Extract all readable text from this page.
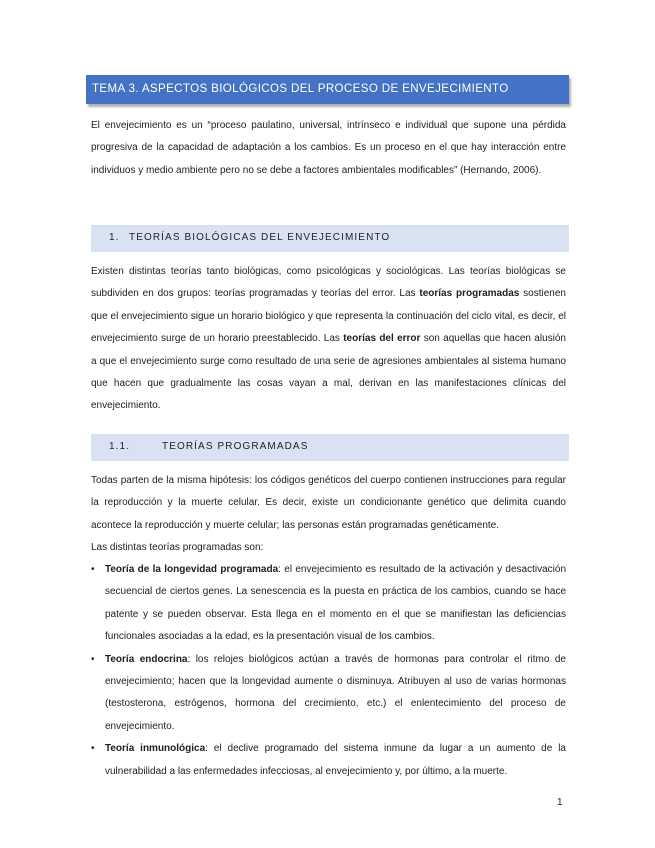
TEMA 3. ASPECTOS BIOLÓGICOS DEL PROCESO DE ENVEJECIMIENTO

El envejecimiento es un “proceso paulatino, universal, intrínseco e individual que supone una pérdida progresiva de la capacidad de adaptación a los cambios. Es un proceso en el que hay interacción entre individuos y medio ambiente pero no se debe a factores ambientales modificables” (Hernando, 2006).

1. TEORÍAS BIOLÓGICAS DEL ENVEJECIMIENTO

Existen distintas teorías tanto biológicas, como psicológicas y sociológicas. Las teorías biológicas se subdividen en dos grupos: teorías programadas y teorías del error. Las teorías programadas sostienen que el envejecimiento sigue un horario biológico y que representa la continuación del ciclo vital, es decir, el envejecimiento surge de un horario preestablecido. Las teorías del error son aquellas que hacen alusión a que el envejecimiento surge como resultado de una serie de agresiones ambientales al sistema humano que hacen que gradualmente las cosas vayan a mal, derivan en las manifestaciones clínicas del envejecimiento.

1.1.	TEORÍAS PROGRAMADAS

Todas parten de la misma hipótesis: los códigos genéticos del cuerpo contienen instrucciones para regular la reproducción y la muerte celular. Es decir, existe un condicionante genético que delimita cuando acontece la reproducción y muerte celular; las personas están programadas genéticamente.

Las distintas teorías programadas son:

• Teoría de la longevidad programada: el envejecimiento es resultado de la activación y desactivación secuencial de ciertos genes. La senescencia es la puesta en práctica de los cambios, cuando se hace patente y se pueden observar. Esta llega en el momento en el que se manifiestan las deficiencias funcionales asociadas a la edad, es la presentación visual de los cambios.
• Teoría endocrina: los relojes biológicos actúan a través de hormonas para controlar el ritmo de envejecimiento; hacen que la longevidad aumente o disminuya. Atribuyen al uso de varias hormonas (testosterona, estrógenos, hormona del crecimiento, etc.) el enlentecimiento del proceso de envejecimiento.
• Teoría inmunológica: el declive programado del sistema inmune da lugar a un aumento de la vulnerabilidad a las enfermedades infecciosas, al envejecimiento y, por último, a la muerte.
1
